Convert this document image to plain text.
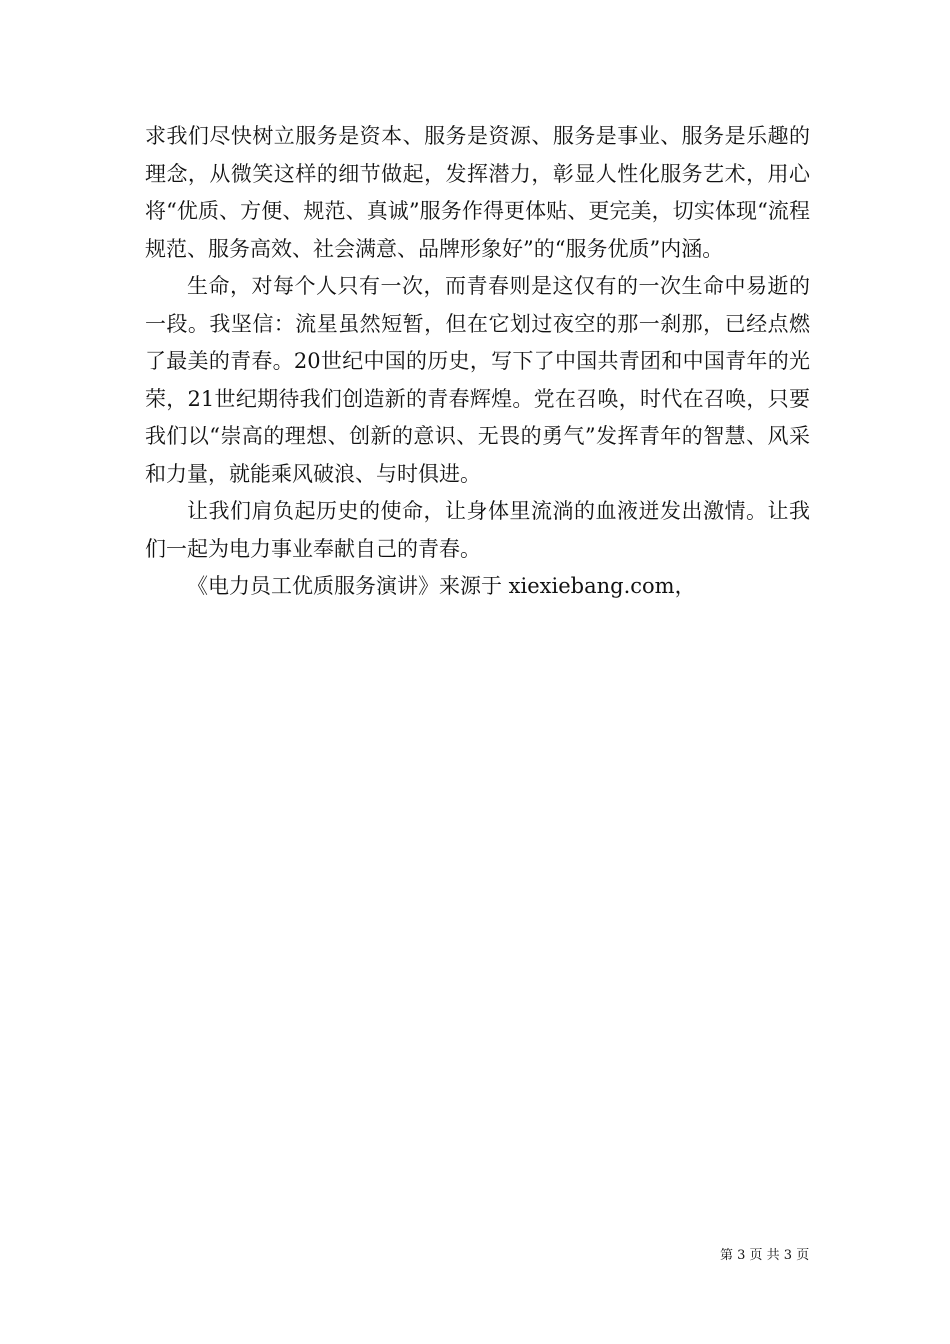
求我们尽快树立服务是资本、服务是资源、服务是事业、服务是乐趣的理念，从微笑这样的细节做起，发挥潜力，彰显人性化服务艺术，用心将“优质、方便、规范、真诚”服务作得更体贴、更完美，切实体现“流程规范、服务高效、社会满意、品牌形象好”的“服务优质”内涵。

生命，对每个人只有一次，而青春则是这仅有的一次生命中易逝的一段。我坚信：流星虽然短暂，但在它划过夜空的那一刹那，已经点燃了最美的青春。20世纪中国的历史，写下了中国共青团和中国青年的光荣，21世纪期待我们创造新的青春辉煌。党在召唤，时代在召唤，只要我们以“崇高的理想、创新的意识、无畏的勇气”发挥青年的智慧、风采和力量，就能乘风破浪、与时俱进。

让我们肩负起历史的使命，让身体里流淌的血液迸发出激情。让我们一起为电力事业奉献自己的青春。

《电力员工优质服务演讲》来源于 xiexiebang.com，

第 3 页 共 3 页
